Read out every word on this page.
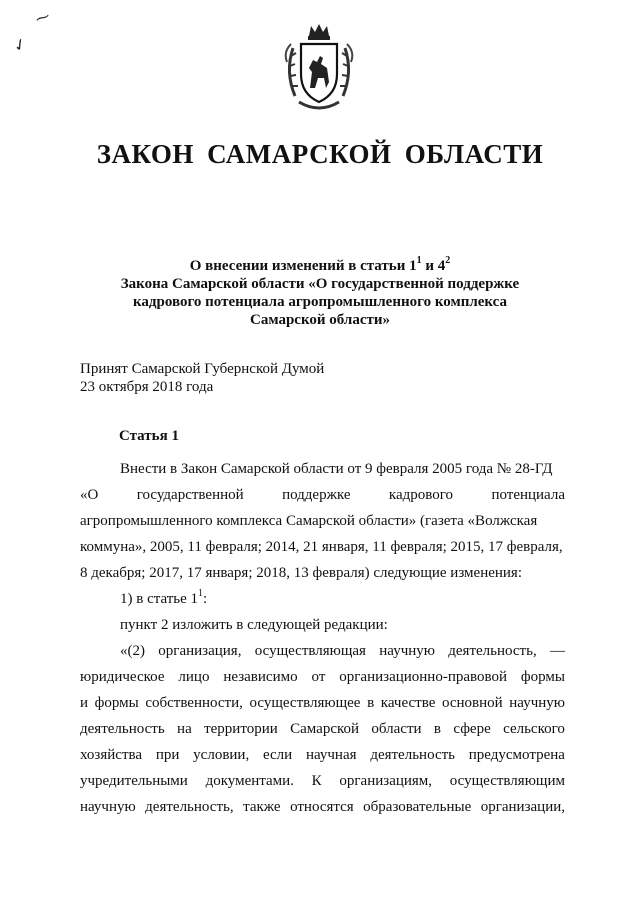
⁓
✓
ЗАКОН САМАРСКОЙ ОБЛАСТИ
О внесении изменений в статьи $1^1$ и $4^2$
Закона Самарской области «О государственной поддержке
кадрового потенциала агропромышленного комплекса
Самарской области»
Принят Самарской Губернской Думой
23 октября 2018 года
Статья 1
Внести в Закон Самарской области от 9 февраля 2005 года № 28-ГД
«О	государственной	поддержке	кадрового	потенциала
агропромышленного комплекса Самарской области» (газета «Волжская
коммуна», 2005, 11 февраля; 2014, 21 января, 11 февраля; 2015, 17 февраля,
8 декабря; 2017, 17 января; 2018, 13 февраля) следующие изменения:
1) в статье $1^1$:
пункт 2 изложить в следующей редакции:
«(2) организация, осуществляющая научную деятельность, —
юридическое лицо независимо от организационно-правовой формы
и формы собственности, осуществляющее в качестве основной научную
деятельность на территории Самарской области в сфере сельского
хозяйства при условии, если научная деятельность предусмотрена
учредительными документами. К организациям, осуществляющим
научную деятельность, также относятся образовательные организации,
